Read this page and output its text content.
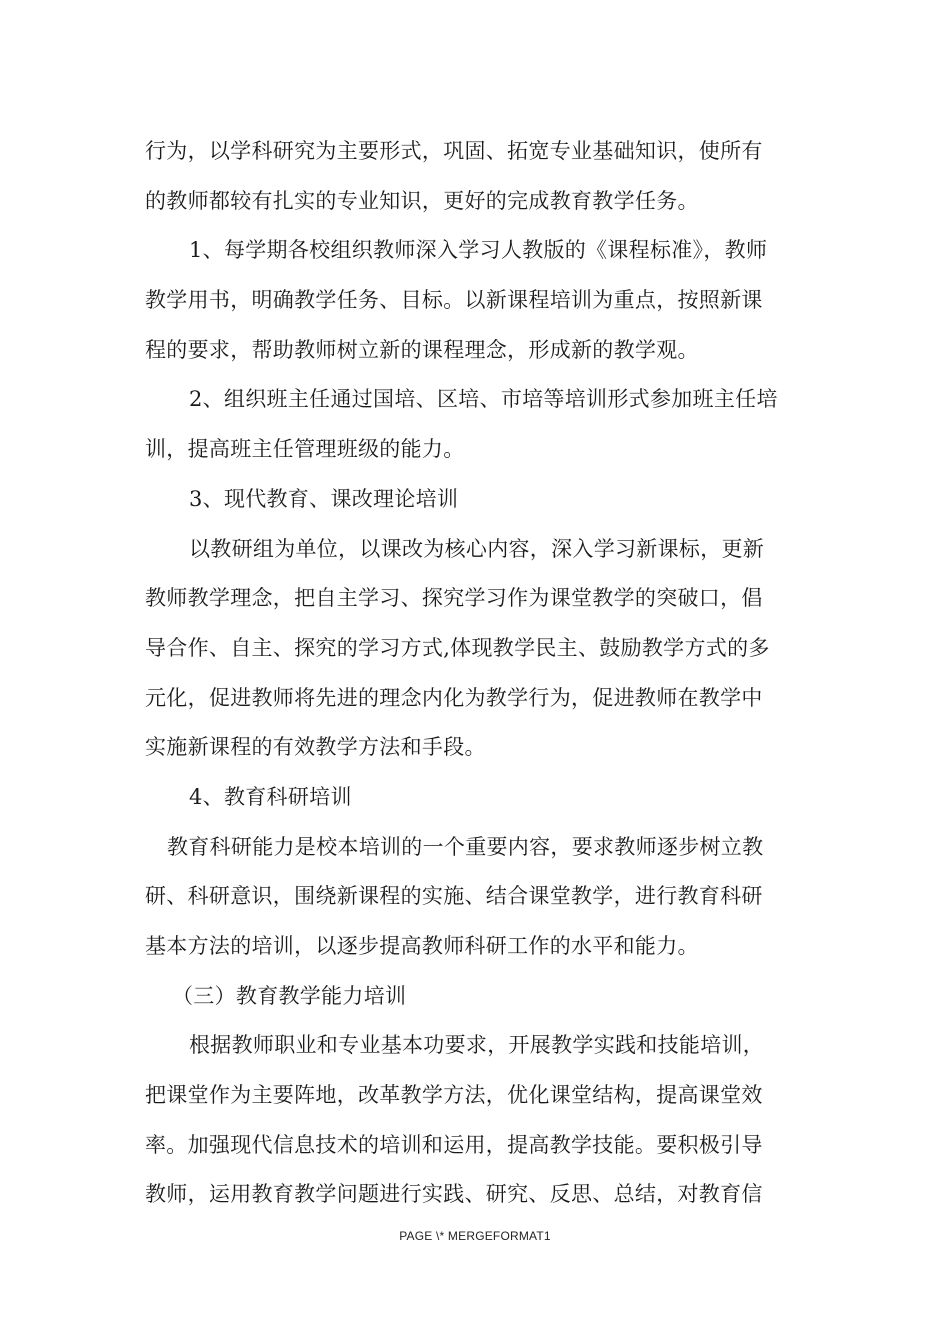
行为，以学科研究为主要形式，巩固、拓宽专业基础知识，使所有
的教师都较有扎实的专业知识，更好的完成教育教学任务。
1、每学期各校组织教师深入学习人教版的《课程标准》，教师
教学用书，明确教学任务、目标。以新课程培训为重点，按照新课
程的要求，帮助教师树立新的课程理念，形成新的教学观。
2、组织班主任通过国培、区培、市培等培训形式参加班主任培
训，提高班主任管理班级的能力。
3、现代教育、课改理论培训
以教研组为单位，以课改为核心内容，深入学习新课标，更新
教师教学理念，把自主学习、探究学习作为课堂教学的突破口，倡
导合作、自主、探究的学习方式,体现教学民主、鼓励教学方式的多
元化，促进教师将先进的理念内化为教学行为，促进教师在教学中
实施新课程的有效教学方法和手段。
4、教育科研培训
教育科研能力是校本培训的一个重要内容，要求教师逐步树立教
研、科研意识，围绕新课程的实施、结合课堂教学，进行教育科研
基本方法的培训，以逐步提高教师科研工作的水平和能力。
（三）教育教学能力培训
根据教师职业和专业基本功要求，开展教学实践和技能培训，
把课堂作为主要阵地，改革教学方法，优化课堂结构，提高课堂效
率。加强现代信息技术的培训和运用，提高教学技能。要积极引导
教师，运用教育教学问题进行实践、研究、反思、总结，对教育信
PAGE \* MERGEFORMAT1
